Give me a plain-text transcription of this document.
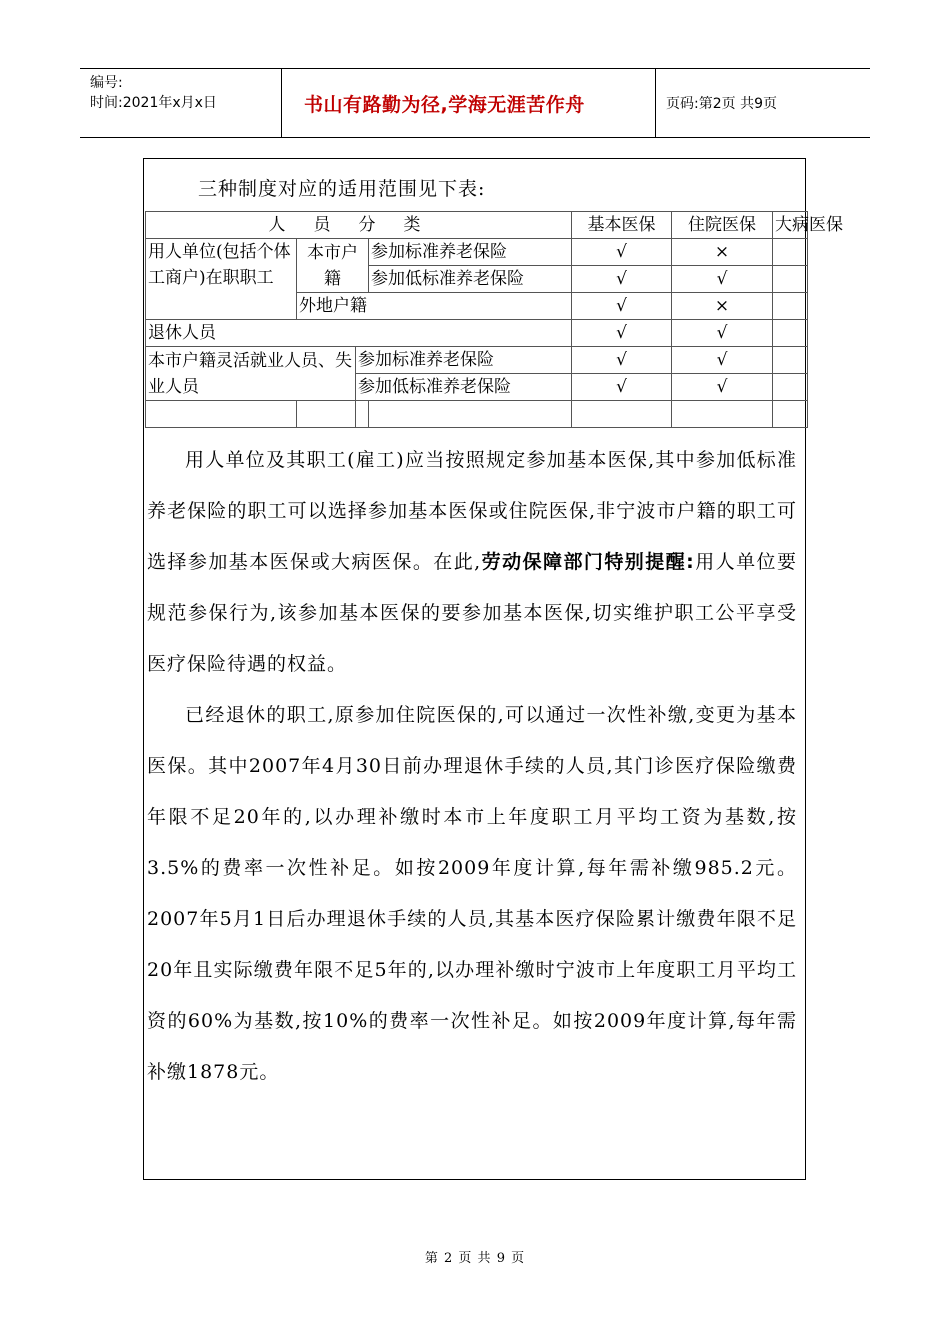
编号:
时间:2021年x月x日	书山有路勤为径,学海无涯苦作舟	页码:第2页 共9页
三种制度对应的适用范围见下表:
人员分类				基本医保	住院医保	大病医保
用人单位(包括个体工商户)在职职工	本市户籍		参加标准养老保险	√	×	
			参加低标准养老保险	√	√	
	外地户籍			√	×	
退休人员				√	√	
本市户籍灵活就业人员、失业人员		参加标准养老保险		√	√	
		参加低标准养老保险		√	√	

用人单位及其职工(雇工)应当按照规定参加基本医保,其中参加低标准养老保险的职工可以选择参加基本医保或住院医保,非宁波市户籍的职工可选择参加基本医保或大病医保。在此,劳动保障部门特别提醒:用人单位要规范参保行为,该参加基本医保的要参加基本医保,切实维护职工公平享受医疗保险待遇的权益。

已经退休的职工,原参加住院医保的,可以通过一次性补缴,变更为基本医保。其中2007年4月30日前办理退休手续的人员,其门诊医疗保险缴费年限不足20年的,以办理补缴时本市上年度职工月平均工资为基数,按3.5%的费率一次性补足。如按2009年度计算,每年需补缴985.2元。2007年5月1日后办理退休手续的人员,其基本医疗保险累计缴费年限不足20年且实际缴费年限不足5年的,以办理补缴时宁波市上年度职工月平均工资的60%为基数,按10%的费率一次性补足。如按2009年度计算,每年需补缴1878元。

第 2 页 共 9 页
